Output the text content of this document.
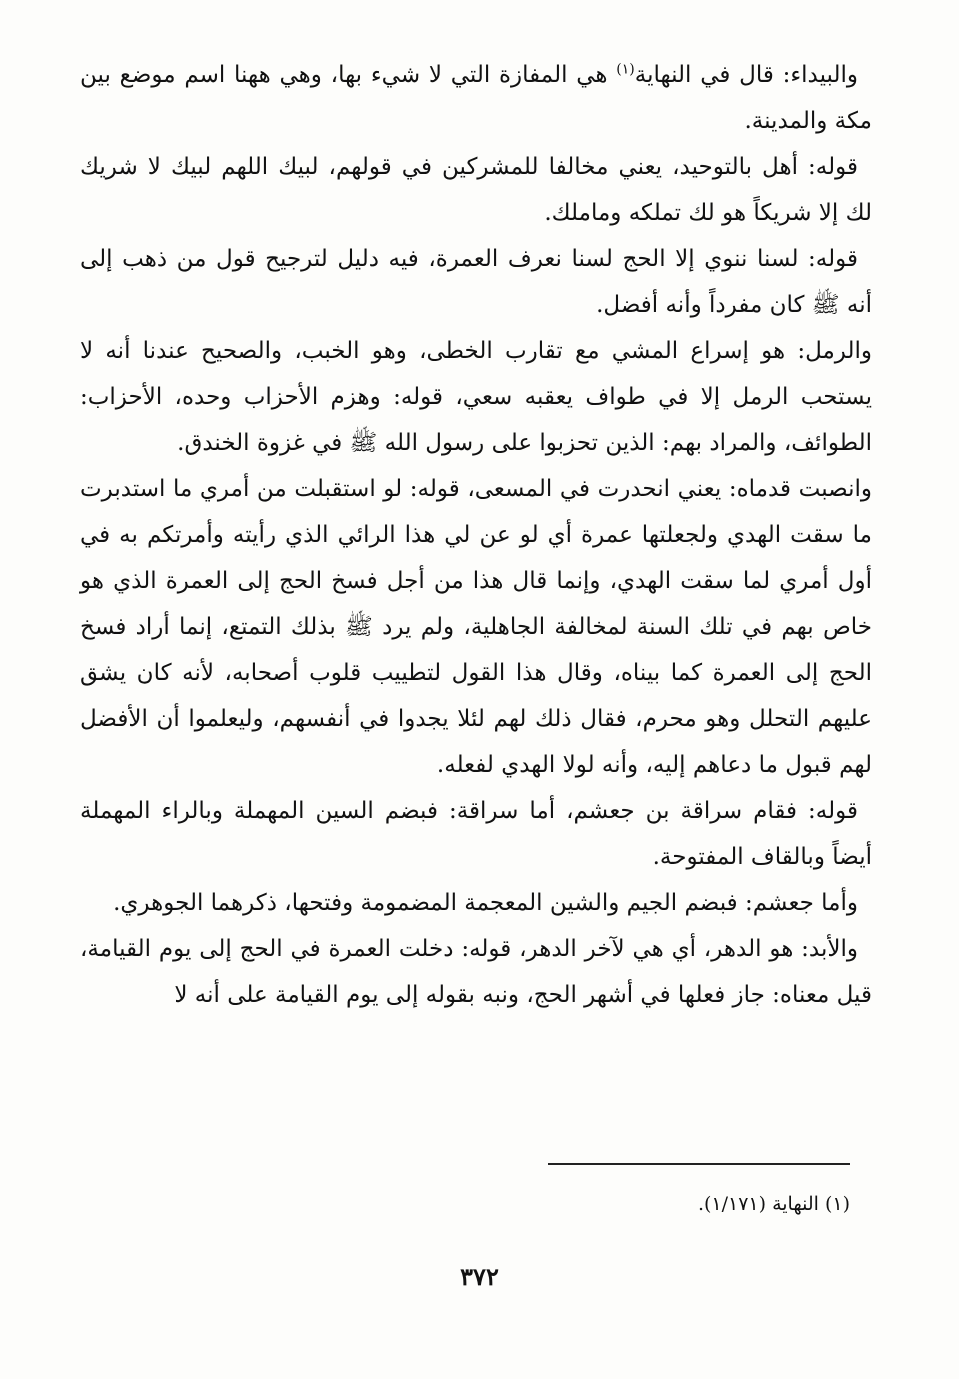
والبيداء: قال في النهاية$^{(١)}$ هي المفازة التي لا شيء بها، وهي ههنا اسم موضع بين مكة والمدينة.

قوله: أهل بالتوحيد، يعني مخالفا للمشركين في قولهم، لبيك اللهم لبيك لا شريك لك إلا شريكاً هو لك تملكه وماملك.

قوله: لسنا ننوي إلا الحج لسنا نعرف العمرة، فيه دليل لترجيح قول من ذهب إلى أنه ﷺ كان مفرداً وأنه أفضل.

والرمل: هو إسراع المشي مع تقارب الخطى، وهو الخبب، والصحيح عندنا أنه لا يستحب الرمل إلا في طواف يعقبه سعي، قوله: وهزم الأحزاب وحده، الأحزاب: الطوائف، والمراد بهم: الذين تحزبوا على رسول الله ﷺ في غزوة الخندق.

وانصبت قدماه: يعني انحدرت في المسعى، قوله: لو استقبلت من أمري ما استدبرت ما سقت الهدي ولجعلتها عمرة أي لو عن لي هذا الرائي الذي رأيته وأمرتكم به في أول أمري لما سقت الهدي، وإنما قال هذا من أجل فسخ الحج إلى العمرة الذي هو خاص بهم في تلك السنة لمخالفة الجاهلية، ولم يرد ﷺ بذلك التمتع، إنما أراد فسخ الحج إلى العمرة كما بيناه، وقال هذا القول لتطييب قلوب أصحابه، لأنه كان يشق عليهم التحلل وهو محرم، فقال ذلك لهم لئلا يجدوا في أنفسهم، وليعلموا أن الأفضل لهم قبول ما دعاهم إليه، وأنه لولا الهدي لفعله.

قوله: فقام سراقة بن جعشم، أما سراقة: فبضم السين المهملة وبالراء المهملة أيضاً وبالقاف المفتوحة.

وأما جعشم: فبضم الجيم والشين المعجمة المضمومة وفتحها، ذكرهما الجوهري.

والأبد: هو الدهر، أي هي لآخر الدهر، قوله: دخلت العمرة في الحج إلى يوم القيامة، قيل معناه: جاز فعلها في أشهر الحج، ونبه بقوله إلى يوم القيامة على أنه لا

(١) النهاية (١/١٧١).
٣٧٢
